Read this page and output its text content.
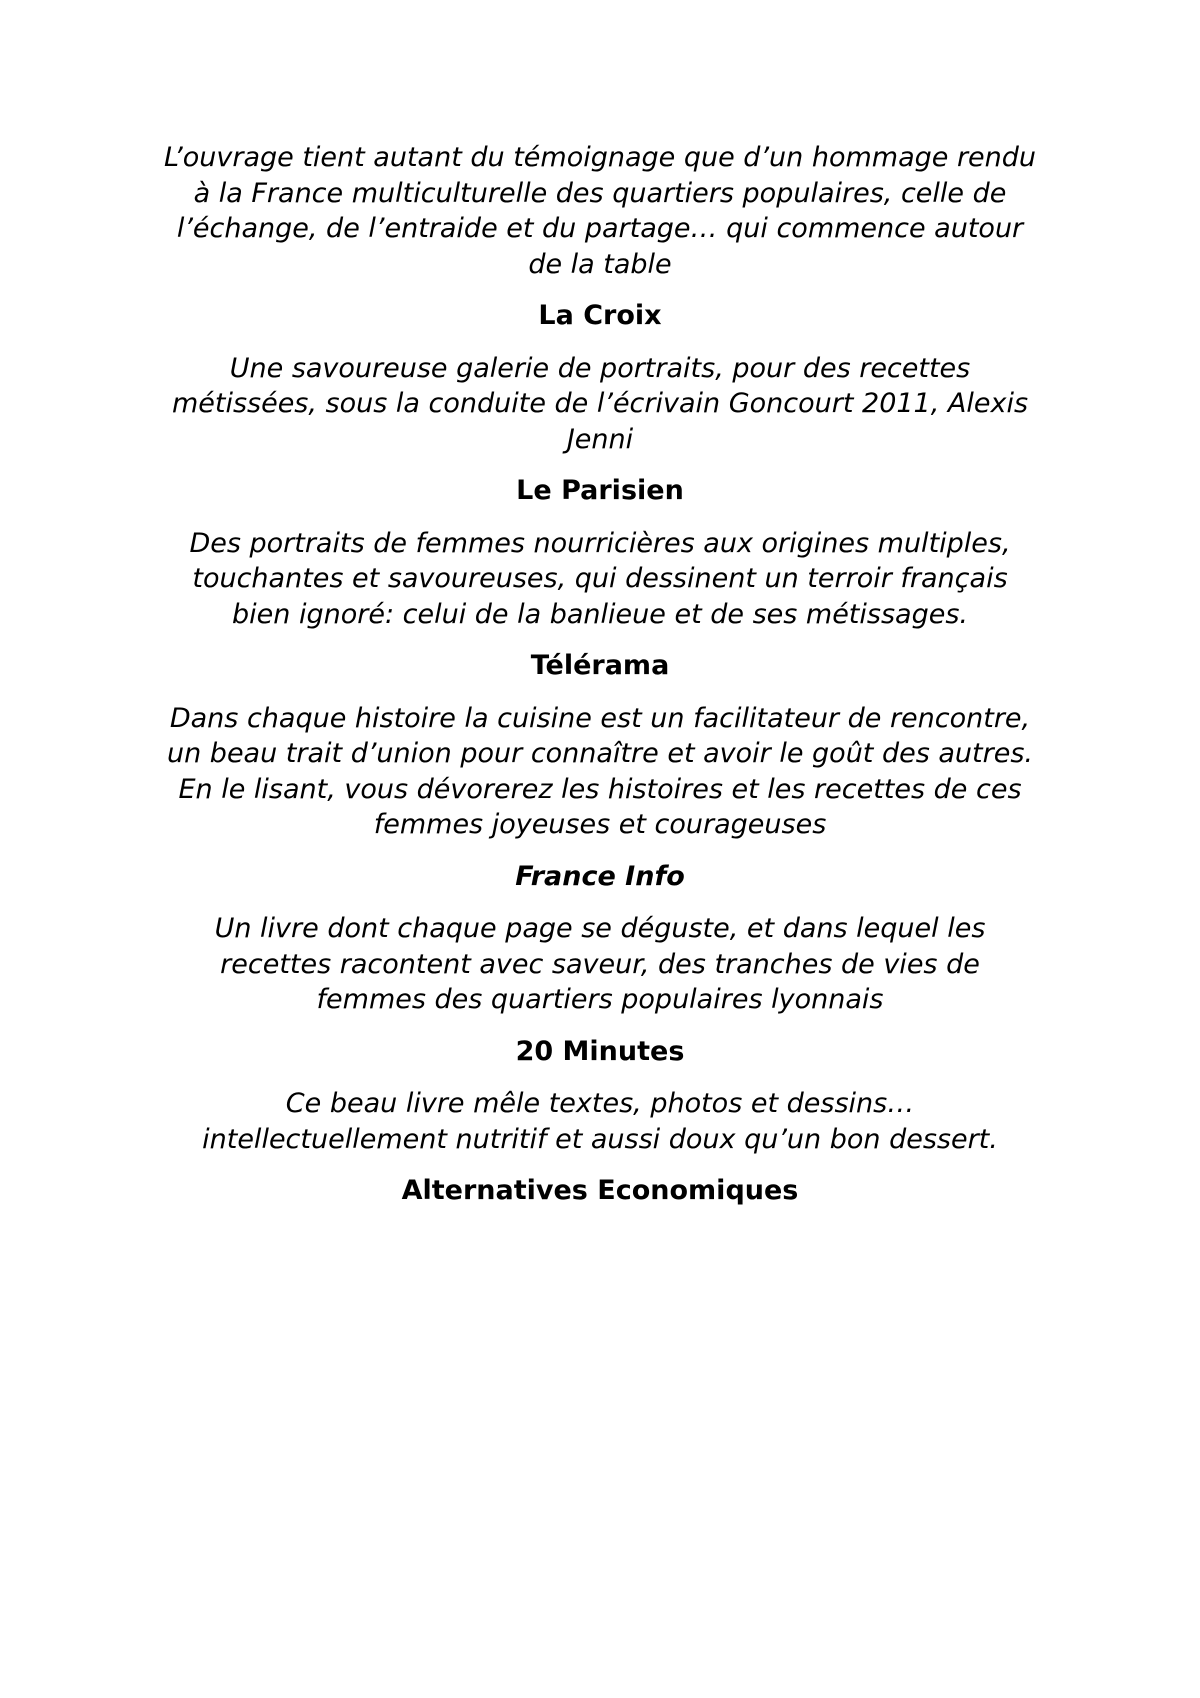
L’ouvrage tient autant du témoignage que d’un hommage rendu
à la France multiculturelle des quartiers populaires, celle de
l’échange, de l’entraide et du partage… qui commence autour
de la table

La Croix

Une savoureuse galerie de portraits, pour des recettes
métissées, sous la conduite de l’écrivain Goncourt 2011, Alexis
Jenni

Le Parisien

Des portraits de femmes nourricières aux origines multiples,
touchantes et savoureuses, qui dessinent un terroir français
bien ignoré: celui de la banlieue et de ses métissages.

Télérama

Dans chaque histoire la cuisine est un facilitateur de rencontre,
un beau trait d’union pour connaître et avoir le goût des autres.
En le lisant, vous dévorerez les histoires et les recettes de ces
femmes joyeuses et courageuses

France Info

Un livre dont chaque page se déguste, et dans lequel les
recettes racontent avec saveur, des tranches de vies de
femmes des quartiers populaires lyonnais

20 Minutes

Ce beau livre mêle textes, photos et dessins…
intellectuellement nutritif et aussi doux qu’un bon dessert.

Alternatives Economiques
